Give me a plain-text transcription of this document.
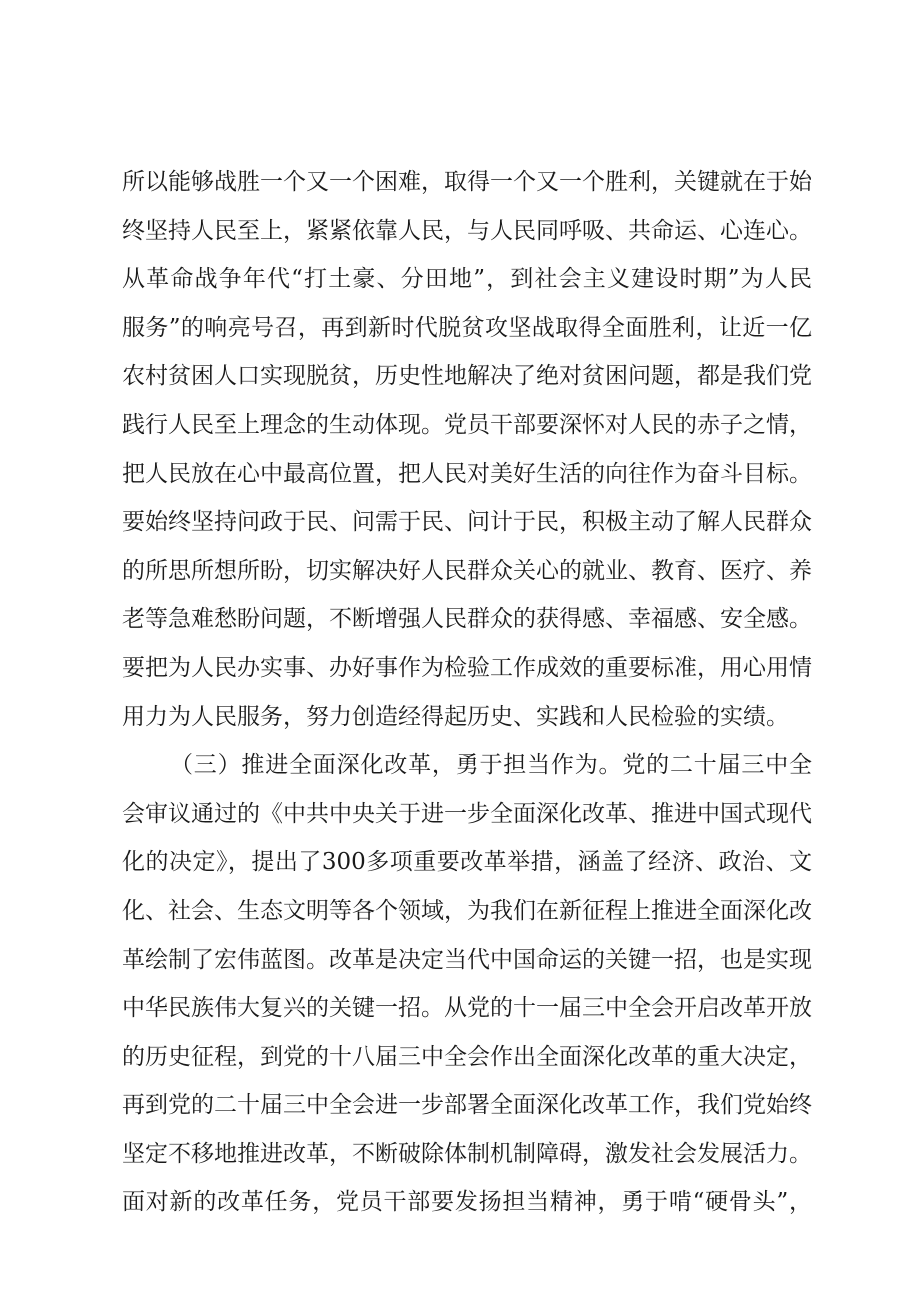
所以能够战胜一个又一个困难，取得一个又一个胜利，关键就在于始
终坚持人民至上，紧紧依靠人民，与人民同呼吸、共命运、心连心。
从革命战争年代“打土豪、分田地”，到社会主义建设时期”为人民
服务”的响亮号召，再到新时代脱贫攻坚战取得全面胜利，让近一亿
农村贫困人口实现脱贫，历史性地解决了绝对贫困问题，都是我们党
践行人民至上理念的生动体现。党员干部要深怀对人民的赤子之情，
把人民放在心中最高位置，把人民对美好生活的向往作为奋斗目标。
要始终坚持问政于民、问需于民、问计于民，积极主动了解人民群众
的所思所想所盼，切实解决好人民群众关心的就业、教育、医疗、养
老等急难愁盼问题，不断增强人民群众的获得感、幸福感、安全感。
要把为人民办实事、办好事作为检验工作成效的重要标准，用心用情
用力为人民服务，努力创造经得起历史、实践和人民检验的实绩。
（三）推进全面深化改革，勇于担当作为。党的二十届三中全
会审议通过的《中共中央关于进一步全面深化改革、推进中国式现代
化的决定》，提出了300多项重要改革举措，涵盖了经济、政治、文
化、社会、生态文明等各个领域，为我们在新征程上推进全面深化改
革绘制了宏伟蓝图。改革是决定当代中国命运的关键一招，也是实现
中华民族伟大复兴的关键一招。从党的十一届三中全会开启改革开放
的历史征程，到党的十八届三中全会作出全面深化改革的重大决定，
再到党的二十届三中全会进一步部署全面深化改革工作，我们党始终
坚定不移地推进改革，不断破除体制机制障碍，激发社会发展活力。
面对新的改革任务，党员干部要发扬担当精神，勇于啃“硬骨头”，
